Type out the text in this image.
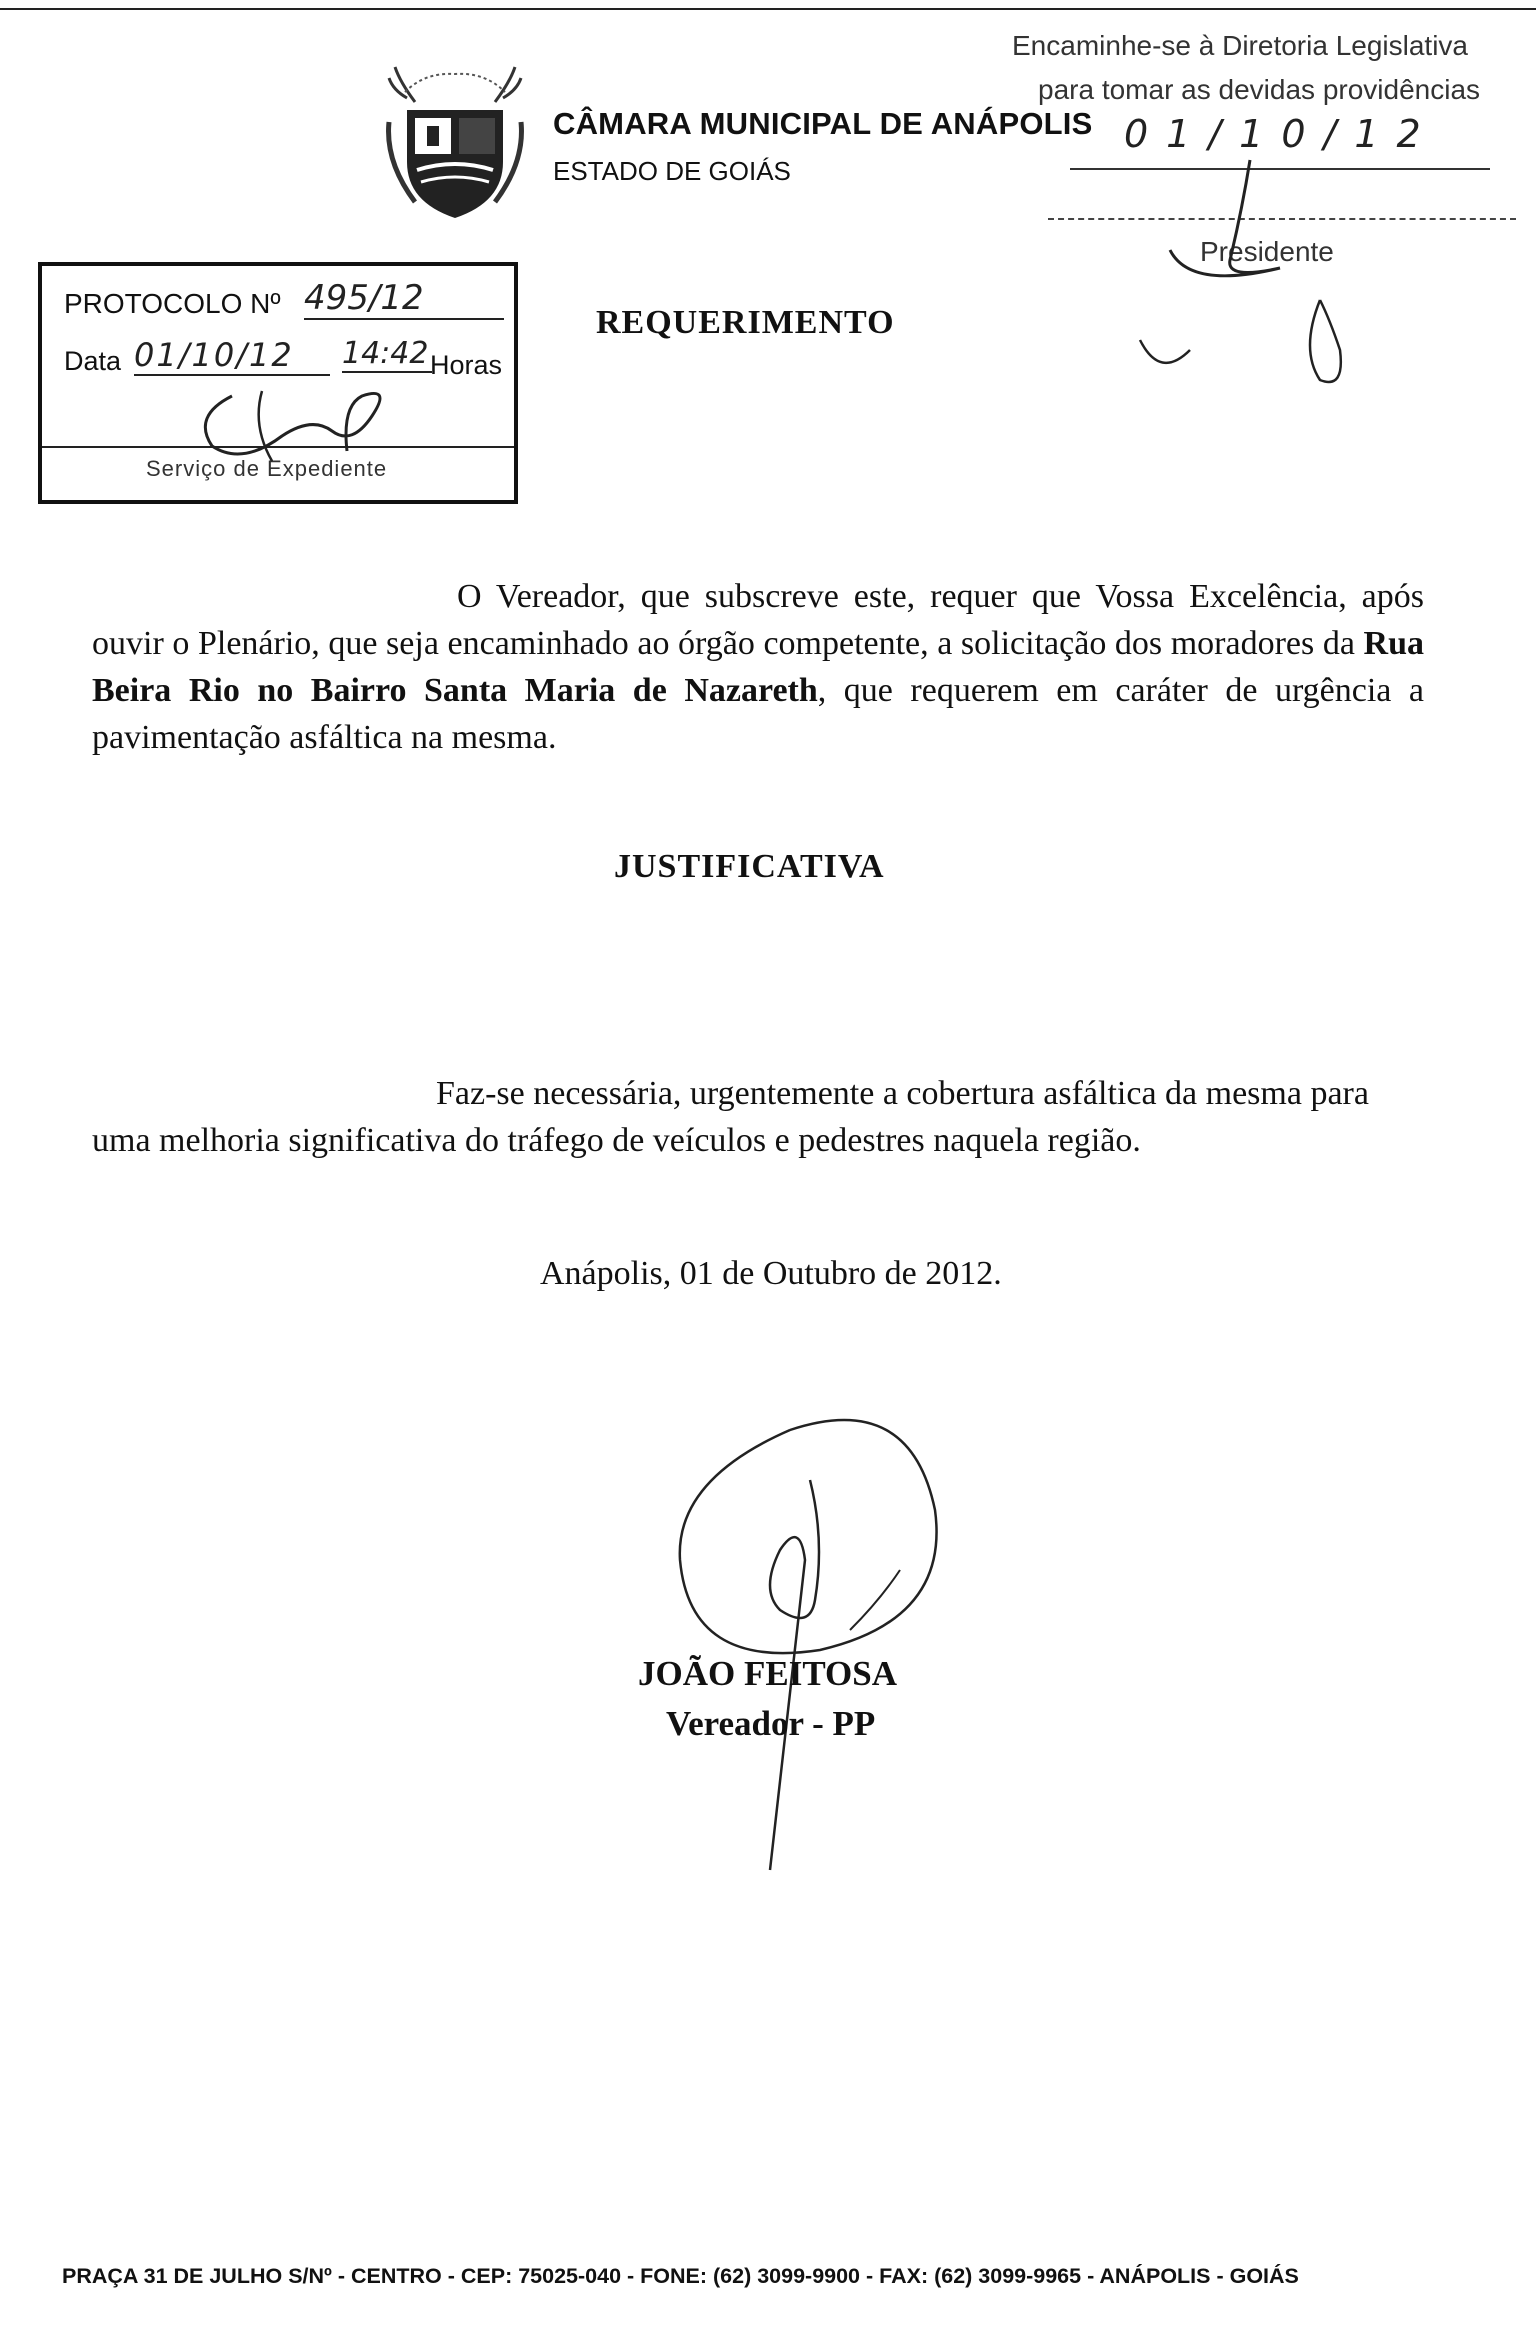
CÂMARA MUNICIPAL DE ANÁPOLIS
ESTADO DE GOIÁS
Encaminhe-se à Diretoria Legislativa
para tomar as devidas providências
01/10/12
Presidente
PROTOCOLO Nº 495/12
Data 01/10/12	14:42 Horas
Serviço de Expediente
REQUERIMENTO
O Vereador, que subscreve este, requer que Vossa Excelência, após ouvir o Plenário, que seja encaminhado ao órgão competente, a solicitação dos moradores da Rua Beira Rio no Bairro Santa Maria de Nazareth, que requerem em caráter de urgência a pavimentação asfáltica na mesma.
JUSTIFICATIVA
Faz-se necessária, urgentemente a cobertura asfáltica da mesma para uma melhoria significativa do tráfego de veículos e pedestres naquela região.
Anápolis, 01 de Outubro de 2012.
JOÃO FEITOSA
Vereador - PP
PRAÇA 31 DE JULHO S/Nº - CENTRO - CEP: 75025-040 - FONE: (62) 3099-9900 - FAX: (62) 3099-9965 - ANÁPOLIS - GOIÁS
